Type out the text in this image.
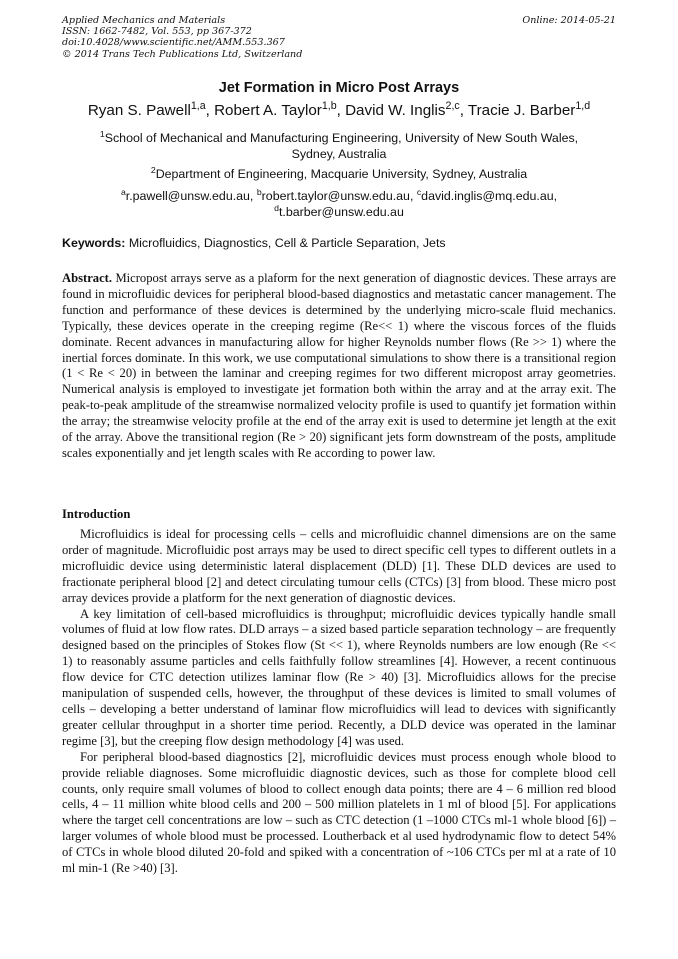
Applied Mechanics and Materials
ISSN: 1662-7482, Vol. 553, pp 367-372
doi:10.4028/www.scientific.net/AMM.553.367
© 2014 Trans Tech Publications Ltd, Switzerland
Online: 2014-05-21
Jet Formation in Micro Post Arrays
Ryan S. Pawell$^{1,a}$, Robert A. Taylor$^{1,b}$, David W. Inglis$^{2,c}$, Tracie J. Barber$^{1,d}$
$^1$School of Mechanical and Manufacturing Engineering, University of New South Wales, Sydney, Australia
$^2$Department of Engineering, Macquarie University, Sydney, Australia
$^a$r.pawell@unsw.edu.au, $^b$robert.taylor@unsw.edu.au, $^c$david.inglis@mq.edu.au,
$^d$t.barber@unsw.edu.au
Keywords: Microfluidics, Diagnostics, Cell & Particle Separation, Jets
Abstract. Micropost arrays serve as a plaform for the next generation of diagnostic devices. These arrays are found in microfluidic devices for peripheral blood-based diagnostics and metastatic cancer management. The function and performance of these devices is determined by the underlying micro-scale fluid mechanics. Typically, these devices operate in the creeping regime (Re<< 1) where the viscous forces of the fluids dominate. Recent advances in manufacturing allow for higher Reynolds number flows (Re >> 1) where the inertial forces dominate. In this work, we use computational simulations to show there is a transitional region (1 < Re < 20) in between the laminar and creeping regimes for two different micropost array geometries. Numerical analysis is employed to investigate jet formation both within the array and at the array exit. The peak-to-peak amplitude of the streamwise normalized velocity profile is used to quantify jet formation within the array; the streamwise velocity profile at the end of the array exit is used to determine jet length at the exit of the array. Above the transitional region (Re > 20) significant jets form downstream of the posts, amplitude scales exponentially and jet length scales with Re according to power law.
Introduction

Microfluidics is ideal for processing cells – cells and microfluidic channel dimensions are on the same order of magnitude. Microfluidic post arrays may be used to direct specific cell types to different outlets in a microfluidic device using deterministic lateral displacement (DLD) [1]. These DLD devices are used to fractionate peripheral blood [2] and detect circulating tumour cells (CTCs) [3] from blood. These micro post array devices provide a platform for the next generation of diagnostic devices.

A key limitation of cell-based microfluidics is throughput; microfluidic devices typically handle small volumes of fluid at low flow rates. DLD arrays – a sized based particle separation technology – are frequently designed based on the principles of Stokes flow (St << 1), where Reynolds numbers are low enough (Re << 1) to reasonably assume particles and cells faithfully follow streamlines [4]. However, a recent continuous flow device for CTC detection utilizes laminar flow (Re > 40) [3]. Microfluidics allows for the precise manipulation of suspended cells, however, the throughput of these devices is limited to small volumes of cells – developing a better understand of laminar flow microfluidics will lead to devices with significantly greater cellular throughput in a shorter time period. Recently, a DLD device was operated in the laminar regime [3], but the creeping flow design methodology [4] was used.

For peripheral blood-based diagnostics [2], microfluidic devices must process enough whole blood to provide reliable diagnoses. Some microfluidic diagnostic devices, such as those for complete blood cell counts, only require small volumes of blood to collect enough data points; there are 4 – 6 million red blood cells, 4 – 11 million white blood cells and 200 – 500 million platelets in 1 ml of blood [5]. For applications where the target cell concentrations are low – such as CTC detection (1 –1000 CTCs ml-1 whole blood [6]) – larger volumes of whole blood must be processed. Loutherback et al used hydrodynamic flow to detect 54% of CTCs in whole blood diluted 20-fold and spiked with a concentration of ~106 CTCs per ml at a rate of 10 ml min-1 (Re >40) [3].
